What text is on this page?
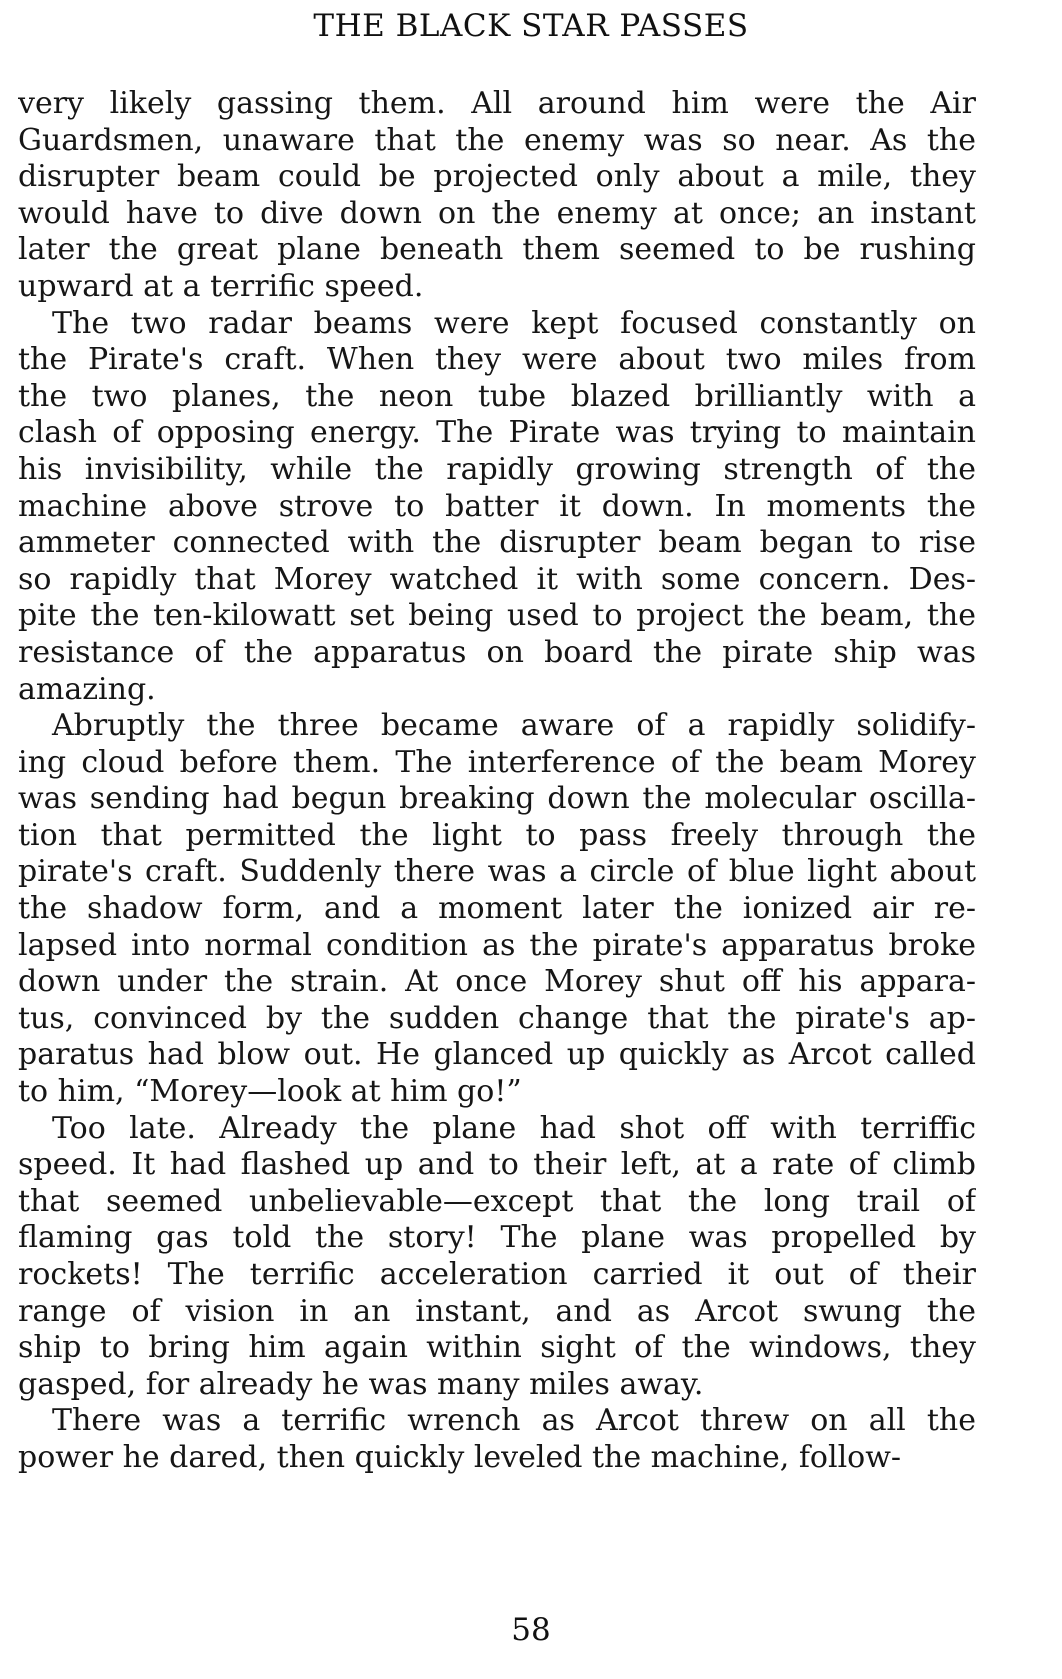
THE BLACK STAR PASSES
very likely gassing them. All around him were the Air
Guardsmen, unaware that the enemy was so near. As the
disrupter beam could be projected only about a mile, they
would have to dive down on the enemy at once; an instant
later the great plane beneath them seemed to be rushing
upward at a terrific speed.
The two radar beams were kept focused constantly on
the Pirate's craft. When they were about two miles from
the two planes, the neon tube blazed brilliantly with a
clash of opposing energy. The Pirate was trying to maintain
his invisibility, while the rapidly growing strength of the
machine above strove to batter it down. In moments the
ammeter connected with the disrupter beam began to rise
so rapidly that Morey watched it with some concern. Des-
pite the ten-kilowatt set being used to project the beam, the
resistance of the apparatus on board the pirate ship was
amazing.
Abruptly the three became aware of a rapidly solidify-
ing cloud before them. The interference of the beam Morey
was sending had begun breaking down the molecular oscilla-
tion that permitted the light to pass freely through the
pirate's craft. Suddenly there was a circle of blue light about
the shadow form, and a moment later the ionized air re-
lapsed into normal condition as the pirate's apparatus broke
down under the strain. At once Morey shut off his appara-
tus, convinced by the sudden change that the pirate's ap-
paratus had blow out. He glanced up quickly as Arcot called
to him, “Morey—look at him go!”
Too late. Already the plane had shot off with terriffic
speed. It had flashed up and to their left, at a rate of climb
that seemed unbelievable—except that the long trail of
flaming gas told the story! The plane was propelled by
rockets! The terrific acceleration carried it out of their
range of vision in an instant, and as Arcot swung the
ship to bring him again within sight of the windows, they
gasped, for already he was many miles away.
There was a terrific wrench as Arcot threw on all the
power he dared, then quickly leveled the machine, follow-
58
